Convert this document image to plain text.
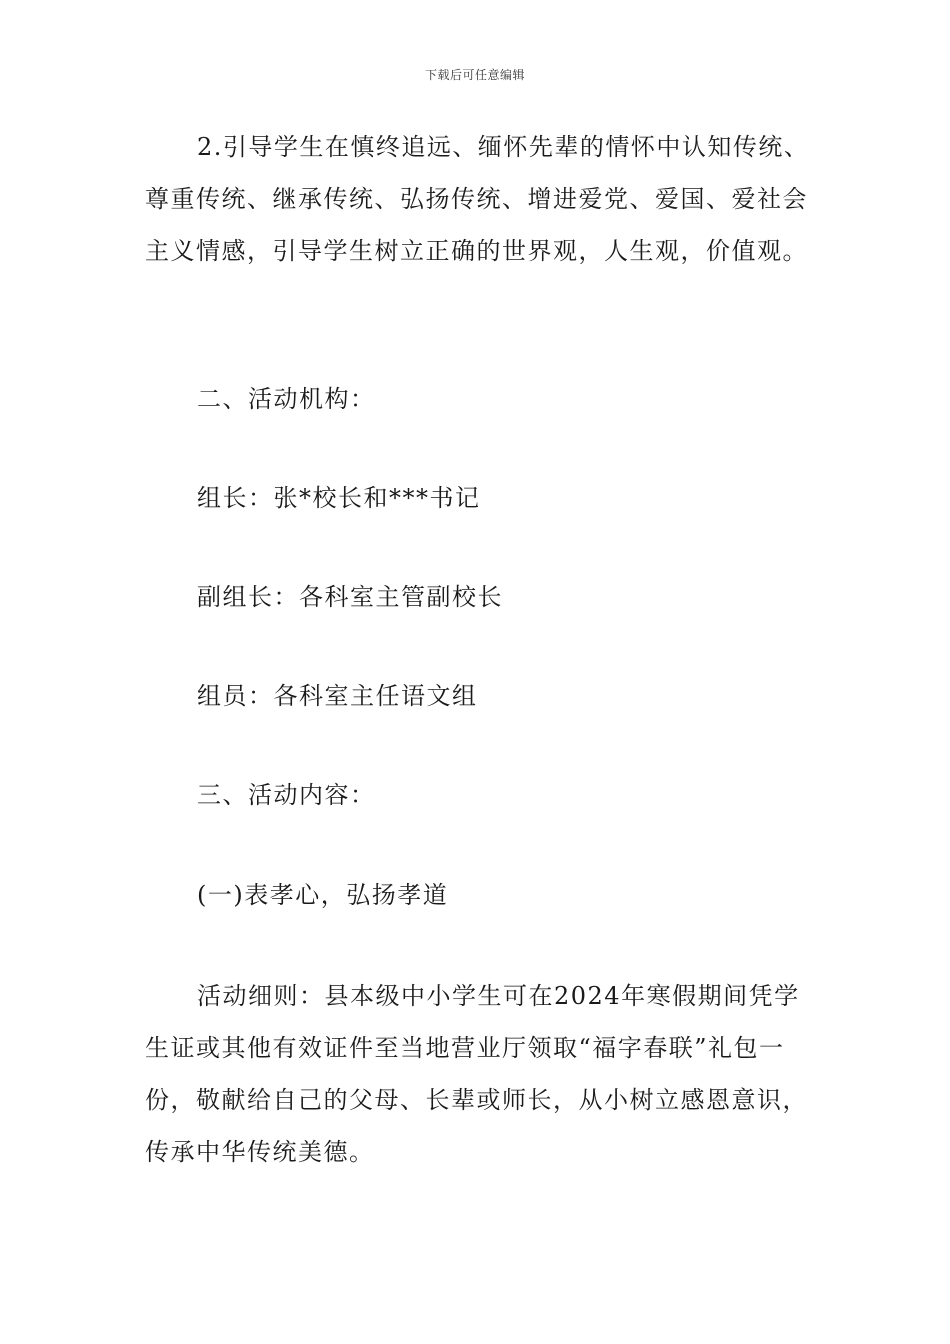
下载后可任意编辑

2.引导学生在慎终追远、缅怀先辈的情怀中认知传统、尊重传统、继承传统、弘扬传统、增进爱党、爱国、爱社会主义情感，引导学生树立正确的世界观，人生观，价值观。

二、活动机构：
组长：张*校长和***书记
副组长：各科室主管副校长
组员：各科室主任语文组
三、活动内容：
(一)表孝心，弘扬孝道

活动细则：县本级中小学生可在2024年寒假期间凭学生证或其他有效证件至当地营业厅领取“福字春联”礼包一份，敬献给自己的父母、长辈或师长，从小树立感恩意识，传承中华传统美德。
